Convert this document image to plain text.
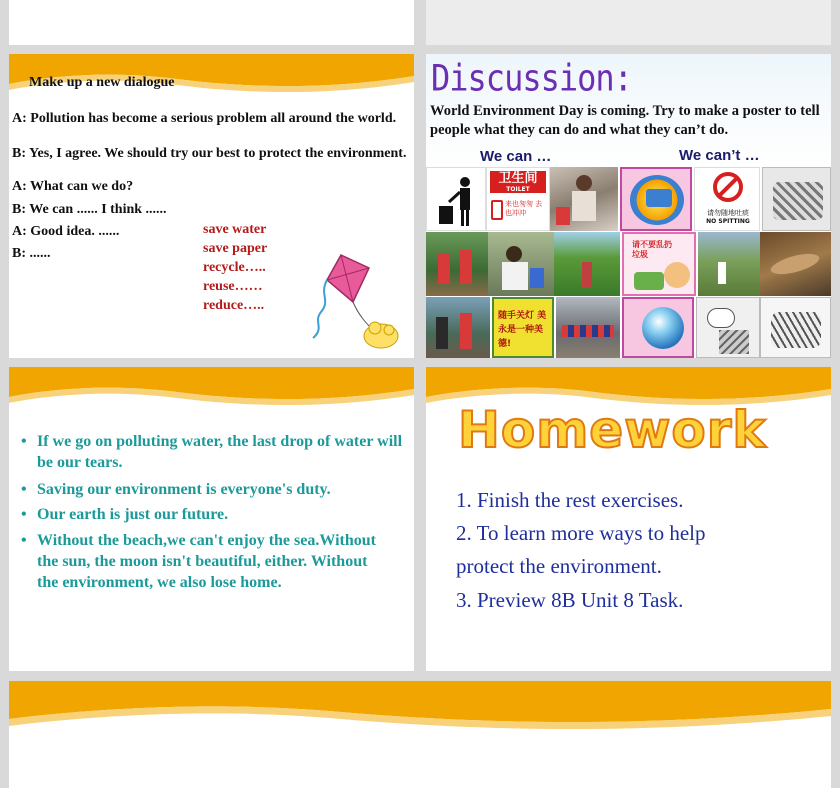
Make up a new dialogue
A: Pollution has become a serious problem all around the world.
B: Yes, I agree. We should try our best to protect the environment.
A: What can we do?
B: We can ...... I think ......
A: Good idea. ......
B: ......
save water
save paper
recycle…..
reuse……
reduce…..
Discussion:
World Environment Day is coming. Try to make a poster to tell people what they can do and what they can’t do.
We can …	We can’t …
卫生间
TOILET
来也匆匆 去也冲冲	请勿随地吐痰
NO SPITTING
请不要乱扔垃圾
随手关灯 美永是一种美德!
• If we go on polluting water, the last drop of water will be our tears.
• Saving our environment is everyone's duty.
• Our earth is just our future.
• Without the beach,we can't enjoy the sea.Without the sun, the moon isn't beautiful, either. Without the environment, we also lose home.
Homework
1. Finish the rest exercises.
2. To learn more ways to help
protect the environment.
3. Preview 8B Unit 8 Task.
